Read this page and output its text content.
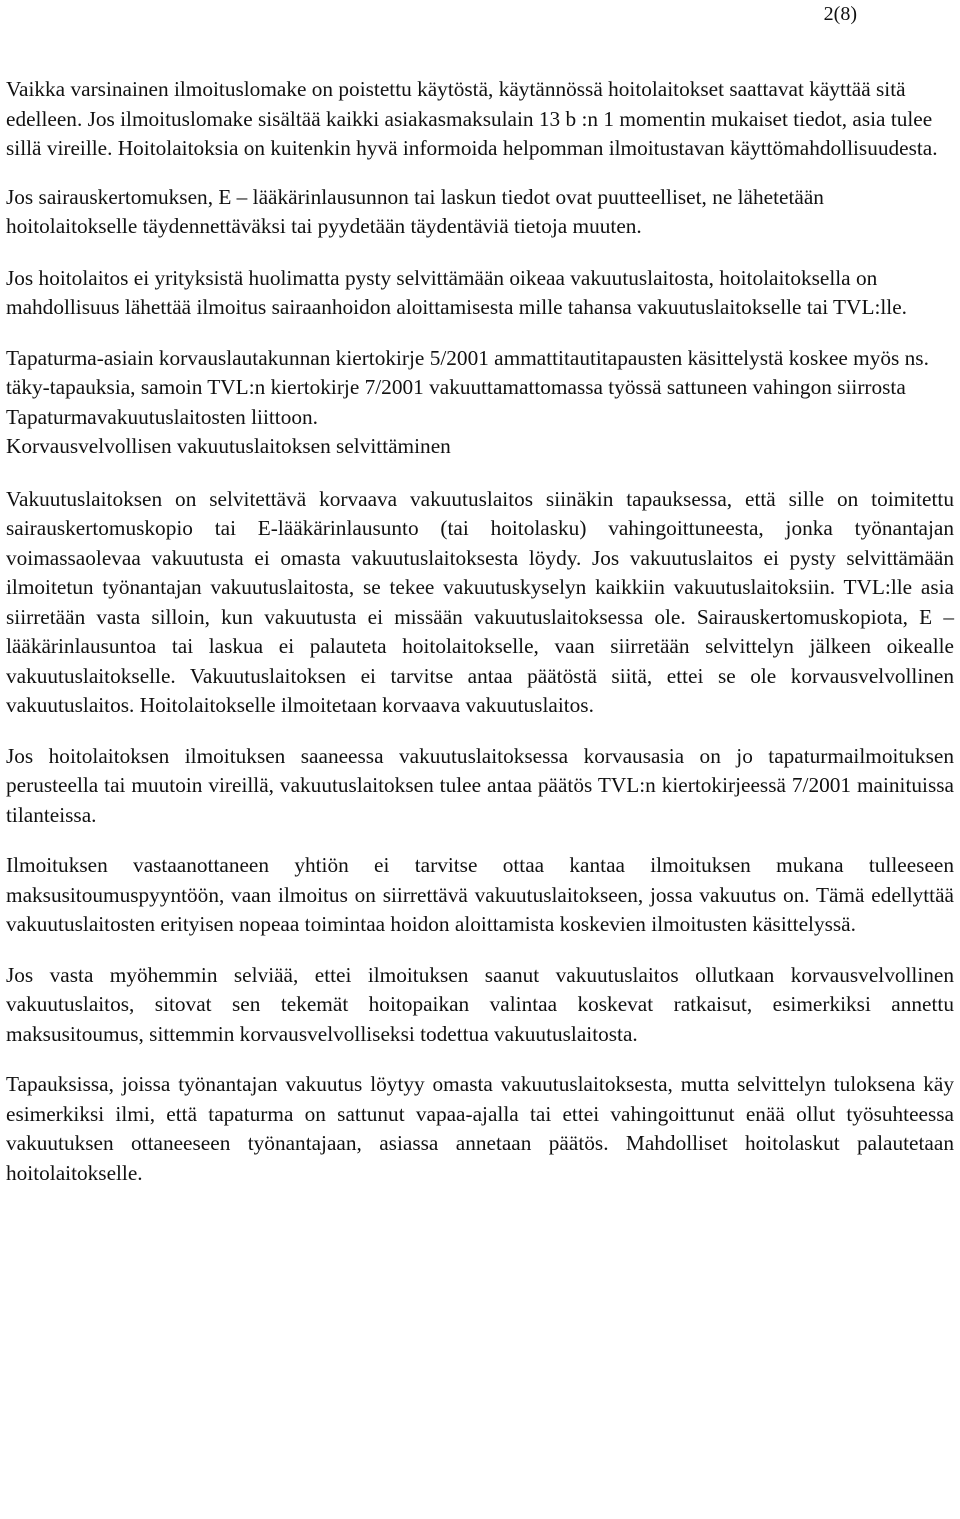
2(8)

Vaikka varsinainen ilmoituslomake on poistettu käytöstä, käytännössä hoitolaitokset saattavat käyttää sitä edelleen. Jos ilmoituslomake sisältää kaikki asiakasmaksulain 13 b :n 1 momentin mukaiset tiedot, asia tulee sillä vireille. Hoitolaitoksia on kuitenkin hyvä informoida helpomman ilmoitustavan käyttömahdollisuudesta.

Jos sairauskertomuksen, E – lääkärinlausunnon tai laskun tiedot ovat puutteelliset, ne lähetetään hoitolaitokselle täydennettäväksi tai pyydetään täydentäviä tietoja muuten.

Jos hoitolaitos ei yrityksistä huolimatta pysty selvittämään oikeaa vakuutuslaitosta, hoitolaitoksella on mahdollisuus lähettää ilmoitus sairaanhoidon aloittamisesta mille tahansa vakuutuslaitokselle tai TVL:lle.

Tapaturma-asiain korvauslautakunnan kiertokirje 5/2001 ammattitautitapausten käsittelystä koskee myös ns. täky-tapauksia, samoin TVL:n kiertokirje 7/2001 vakuuttamattomassa työssä sattuneen vahingon siirrosta Tapaturmavakuutuslaitosten liittoon.

Korvausvelvollisen vakuutuslaitoksen selvittäminen

Vakuutuslaitoksen on selvitettävä korvaava vakuutuslaitos siinäkin tapauksessa, että sille on toimitettu sairauskertomuskopio tai E-lääkärinlausunto (tai hoitolasku) vahingoittuneesta, jonka työnantajan voimassaolevaa vakuutusta ei omasta vakuutuslaitoksesta löydy. Jos vakuutuslaitos ei pysty selvittämään ilmoitetun työnantajan vakuutuslaitosta, se tekee vakuutuskyselyn kaikkiin vakuutuslaitoksiin. TVL:lle asia siirretään vasta silloin, kun vakuutusta ei missään vakuutuslaitoksessa ole. Sairauskertomuskopiota, E – lääkärinlausuntoa tai laskua ei palauteta hoitolaitokselle, vaan siirretään selvittelyn jälkeen oikealle vakuutuslaitokselle. Vakuutuslaitoksen ei tarvitse antaa päätöstä siitä, ettei se ole korvausvelvollinen vakuutuslaitos. Hoitolaitokselle ilmoitetaan korvaava vakuutuslaitos.

Jos hoitolaitoksen ilmoituksen saaneessa vakuutuslaitoksessa korvausasia on jo tapaturmailmoituksen perusteella tai muutoin vireillä, vakuutuslaitoksen tulee antaa päätös TVL:n kiertokirjeessä 7/2001 mainituissa tilanteissa.

Ilmoituksen vastaanottaneen yhtiön ei tarvitse ottaa kantaa ilmoituksen mukana tulleeseen maksusitoumuspyyntöön, vaan ilmoitus on siirrettävä vakuutuslaitokseen, jossa vakuutus on. Tämä edellyttää vakuutuslaitosten erityisen nopeaa toimintaa hoidon aloittamista koskevien ilmoitusten käsittelyssä.

Jos vasta myöhemmin selviää, ettei ilmoituksen saanut vakuutuslaitos ollutkaan korvausvelvollinen vakuutuslaitos, sitovat sen tekemät hoitopaikan valintaa koskevat ratkaisut, esimerkiksi annettu maksusitoumus, sittemmin korvausvelvolliseksi todettua vakuutuslaitosta.

Tapauksissa, joissa työnantajan vakuutus löytyy omasta vakuutuslaitoksesta, mutta selvittelyn tuloksena käy esimerkiksi ilmi, että tapaturma on sattunut vapaa-ajalla tai ettei vahingoittunut enää ollut työsuhteessa vakuutuksen ottaneeseen työnantajaan, asiassa annetaan päätös. Mahdolliset hoitolaskut palautetaan hoitolaitokselle.
